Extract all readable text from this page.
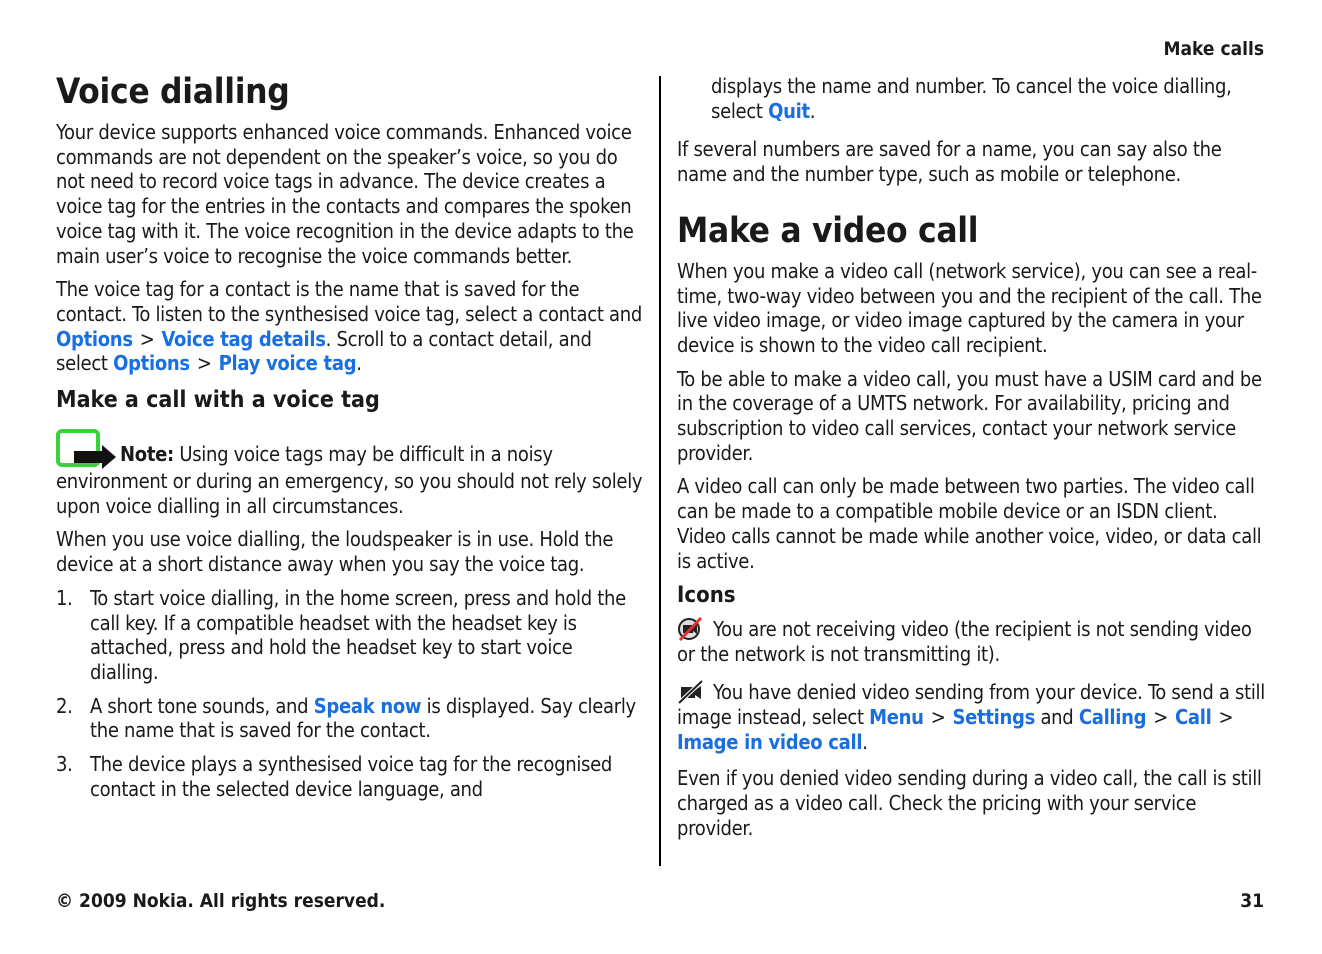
Make calls
Voice dialling

Your device supports enhanced voice commands. Enhanced voice commands are not dependent on the speaker’s voice, so you do not need to record voice tags in advance. The device creates a voice tag for the entries in the contacts and compares the spoken voice tag with it. The voice recognition in the device adapts to the main user’s voice to recognise the voice commands better.

The voice tag for a contact is the name that is saved for the contact. To listen to the synthesised voice tag, select a contact and Options > Voice tag details. Scroll to a contact detail, and select Options > Play voice tag.

Make a call with a voice tag

Note: Using voice tags may be difficult in a noisy environment or during an emergency, so you should not rely solely upon voice dialling in all circumstances.

When you use voice dialling, the loudspeaker is in use. Hold the device at a short distance away when you say the voice tag.

1. To start voice dialling, in the home screen, press and hold the call key. If a compatible headset with the headset key is attached, press and hold the headset key to start voice dialling.
2. A short tone sounds, and Speak now is displayed. Say clearly the name that is saved for the contact.
3. The device plays a synthesised voice tag for the recognised contact in the selected device language, and

displays the name and number. To cancel the voice dialling, select Quit.

If several numbers are saved for a name, you can say also the name and the number type, such as mobile or telephone.

Make a video call

When you make a video call (network service), you can see a real-time, two-way video between you and the recipient of the call. The live video image, or video image captured by the camera in your device is shown to the video call recipient.

To be able to make a video call, you must have a USIM card and be in the coverage of a UMTS network. For availability, pricing and subscription to video call services, contact your network service provider.

A video call can only be made between two parties. The video call can be made to a compatible mobile device or an ISDN client. Video calls cannot be made while another voice, video, or data call is active.

Icons

You are not receiving video (the recipient is not sending video or the network is not transmitting it).

You have denied video sending from your device. To send a still image instead, select Menu > Settings and Calling > Call >Image in video call.

Even if you denied video sending during a video call, the call is still charged as a video call. Check the pricing with your service provider.

© 2009 Nokia. All rights reserved.	31
